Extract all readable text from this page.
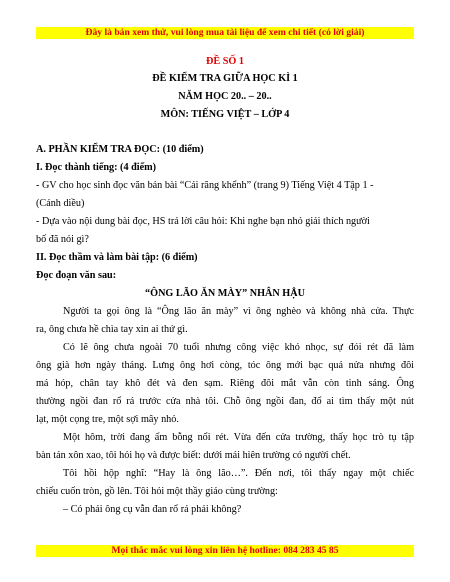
Đây là bản xem thử, vui lòng mua tài liệu để xem chi tiết (có lời giải)
ĐỀ SỐ 1
ĐỀ KIỂM TRA GIỮA HỌC KÌ 1
NĂM HỌC 20.. – 20..
MÔN: TIẾNG VIỆT – LỚP 4
A. PHẦN KIỂM TRA ĐỌC: (10 điểm)
I. Đọc thành tiếng: (4 điểm)
- GV cho học sinh đọc văn bản bài “Cái răng khểnh” (trang 9) Tiếng Việt 4 Tập 1 -
(Cánh diều)
- Dựa vào nội dung bài đọc, HS trả lời câu hỏi: Khi nghe bạn nhỏ giải thích người
bố đã nói gì?
II. Đọc thầm và làm bài tập: (6 điểm)
Đọc đoạn văn sau:
“ÔNG LÃO ĂN MÀY” NHÂN HẬU
Người ta gọi ông là “Ông lão ăn mày” vì ông nghèo và không nhà cửa. Thực
ra, ông chưa hề chìa tay xin ai thứ gì.
Có lẽ ông chưa ngoài 70 tuổi nhưng công việc khó nhọc, sự đói rét đã làm
ông già hơn ngày tháng. Lưng ông hơi còng, tóc ông mới bạc quá nửa nhưng đôi
má hóp, chân tay khô đét và đen sạm. Riêng đôi mắt vẫn còn tinh sáng. Ông
thường ngồi đan rổ rá trước cửa nhà tôi. Chỗ ông ngồi đan, đố ai tìm thấy một nút
lạt, một cọng tre, một sợi mây nhỏ.
Một hôm, trời đang ấm bỗng nổi rét. Vừa đến cửa trường, thấy học trò tụ tập
bàn tán xôn xao, tôi hỏi họ và được biết: dưới mái hiên trường có người chết.
Tôi hồi hộp nghĩ: “Hay là ông lão…”. Đến nơi, tôi thấy ngay một chiếc
chiếu cuốn tròn, gồ lên. Tôi hỏi một thầy giáo cùng trường:
– Có phải ông cụ vẫn đan rổ rá phải không?
Mọi thắc mắc vui lòng xin liên hệ hotline: 084 283 45 85
